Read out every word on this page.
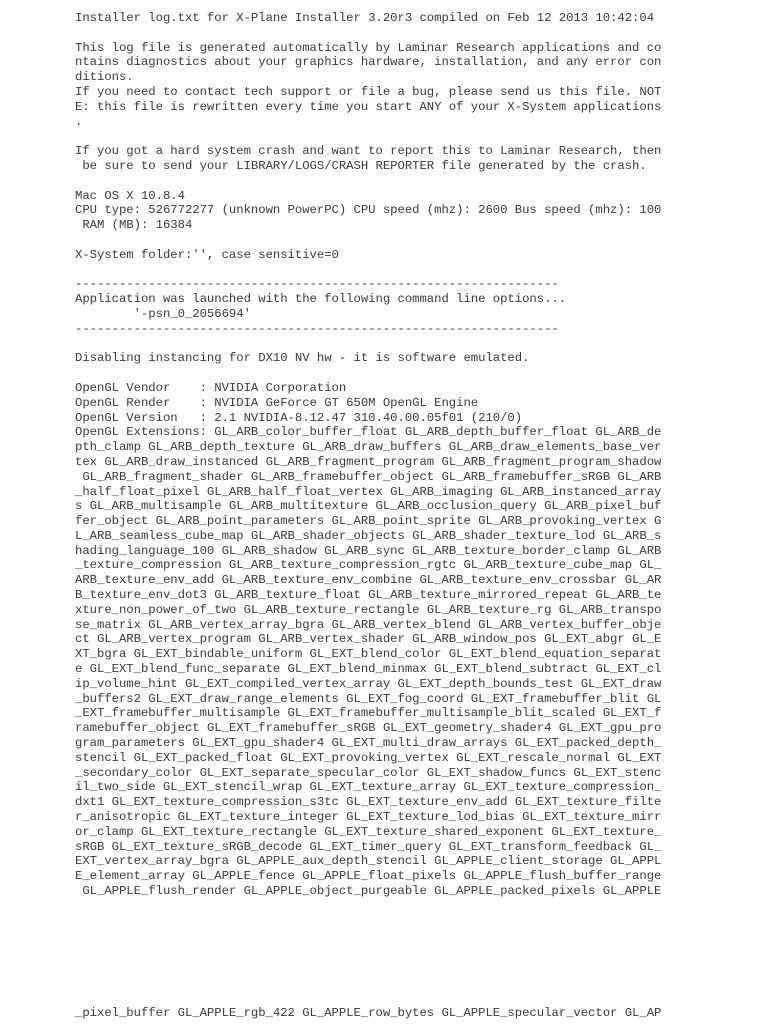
Installer log.txt for X-Plane Installer 3.20r3 compiled on Feb 12 2013 10:42:04
This log file is generated automatically by Laminar Research applications and co
ntains diagnostics about your graphics hardware, installation, and any error con
ditions.
If you need to contact tech support or file a bug, please send us this file. NOT
E: this file is rewritten every time you start ANY of your X-System applications
.
If you got a hard system crash and want to report this to Laminar Research, then
be sure to send your LIBRARY/LOGS/CRASH REPORTER file generated by the crash.
Mac OS X 10.8.4
CPU type: 526772277 (unknown PowerPC) CPU speed (mhz): 2600 Bus speed (mhz): 100
RAM (MB): 16384
X-System folder:'', case sensitive=0
------------------------------------------------------------------
Application was launched with the following command line options...
'-psn_0_2056694'
------------------------------------------------------------------
Disabling instancing for DX10 NV hw - it is software emulated.
OpenGL Vendor    : NVIDIA Corporation
OpenGL Render    : NVIDIA GeForce GT 650M OpenGL Engine
OpenGL Version   : 2.1 NVIDIA-8.12.47 310.40.00.05f01 (210/0)
OpenGL Extensions: GL_ARB_color_buffer_float GL_ARB_depth_buffer_float GL_ARB_de
pth_clamp GL_ARB_depth_texture GL_ARB_draw_buffers GL_ARB_draw_elements_base_ver
tex GL_ARB_draw_instanced GL_ARB_fragment_program GL_ARB_fragment_program_shadow
GL_ARB_fragment_shader GL_ARB_framebuffer_object GL_ARB_framebuffer_sRGB GL_ARB
_half_float_pixel GL_ARB_half_float_vertex GL_ARB_imaging GL_ARB_instanced_array
s GL_ARB_multisample GL_ARB_multitexture GL_ARB_occlusion_query GL_ARB_pixel_buf
fer_object GL_ARB_point_parameters GL_ARB_point_sprite GL_ARB_provoking_vertex G
L_ARB_seamless_cube_map GL_ARB_shader_objects GL_ARB_shader_texture_lod GL_ARB_s
hading_language_100 GL_ARB_shadow GL_ARB_sync GL_ARB_texture_border_clamp GL_ARB
_texture_compression GL_ARB_texture_compression_rgtc GL_ARB_texture_cube_map GL_
ARB_texture_env_add GL_ARB_texture_env_combine GL_ARB_texture_env_crossbar GL_AR
B_texture_env_dot3 GL_ARB_texture_float GL_ARB_texture_mirrored_repeat GL_ARB_te
xture_non_power_of_two GL_ARB_texture_rectangle GL_ARB_texture_rg GL_ARB_transpo
se_matrix GL_ARB_vertex_array_bgra GL_ARB_vertex_blend GL_ARB_vertex_buffer_obje
ct GL_ARB_vertex_program GL_ARB_vertex_shader GL_ARB_window_pos GL_EXT_abgr GL_E
XT_bgra GL_EXT_bindable_uniform GL_EXT_blend_color GL_EXT_blend_equation_separat
e GL_EXT_blend_func_separate GL_EXT_blend_minmax GL_EXT_blend_subtract GL_EXT_cl
ip_volume_hint GL_EXT_compiled_vertex_array GL_EXT_depth_bounds_test GL_EXT_draw
_buffers2 GL_EXT_draw_range_elements GL_EXT_fog_coord GL_EXT_framebuffer_blit GL
_EXT_framebuffer_multisample GL_EXT_framebuffer_multisample_blit_scaled GL_EXT_f
ramebuffer_object GL_EXT_framebuffer_sRGB GL_EXT_geometry_shader4 GL_EXT_gpu_pro
gram_parameters GL_EXT_gpu_shader4 GL_EXT_multi_draw_arrays GL_EXT_packed_depth_
stencil GL_EXT_packed_float GL_EXT_provoking_vertex GL_EXT_rescale_normal GL_EXT
_secondary_color GL_EXT_separate_specular_color GL_EXT_shadow_funcs GL_EXT_stenc
il_two_side GL_EXT_stencil_wrap GL_EXT_texture_array GL_EXT_texture_compression_
dxt1 GL_EXT_texture_compression_s3tc GL_EXT_texture_env_add GL_EXT_texture_filte
r_anisotropic GL_EXT_texture_integer GL_EXT_texture_lod_bias GL_EXT_texture_mirr
or_clamp GL_EXT_texture_rectangle GL_EXT_texture_shared_exponent GL_EXT_texture_
sRGB GL_EXT_texture_sRGB_decode GL_EXT_timer_query GL_EXT_transform_feedback GL_
EXT_vertex_array_bgra GL_APPLE_aux_depth_stencil GL_APPLE_client_storage GL_APPL
E_element_array GL_APPLE_fence GL_APPLE_float_pixels GL_APPLE_flush_buffer_range
GL_APPLE_flush_render GL_APPLE_object_purgeable GL_APPLE_packed_pixels GL_APPLE
_pixel_buffer GL_APPLE_rgb_422 GL_APPLE_row_bytes GL_APPLE_specular_vector GL_AP
